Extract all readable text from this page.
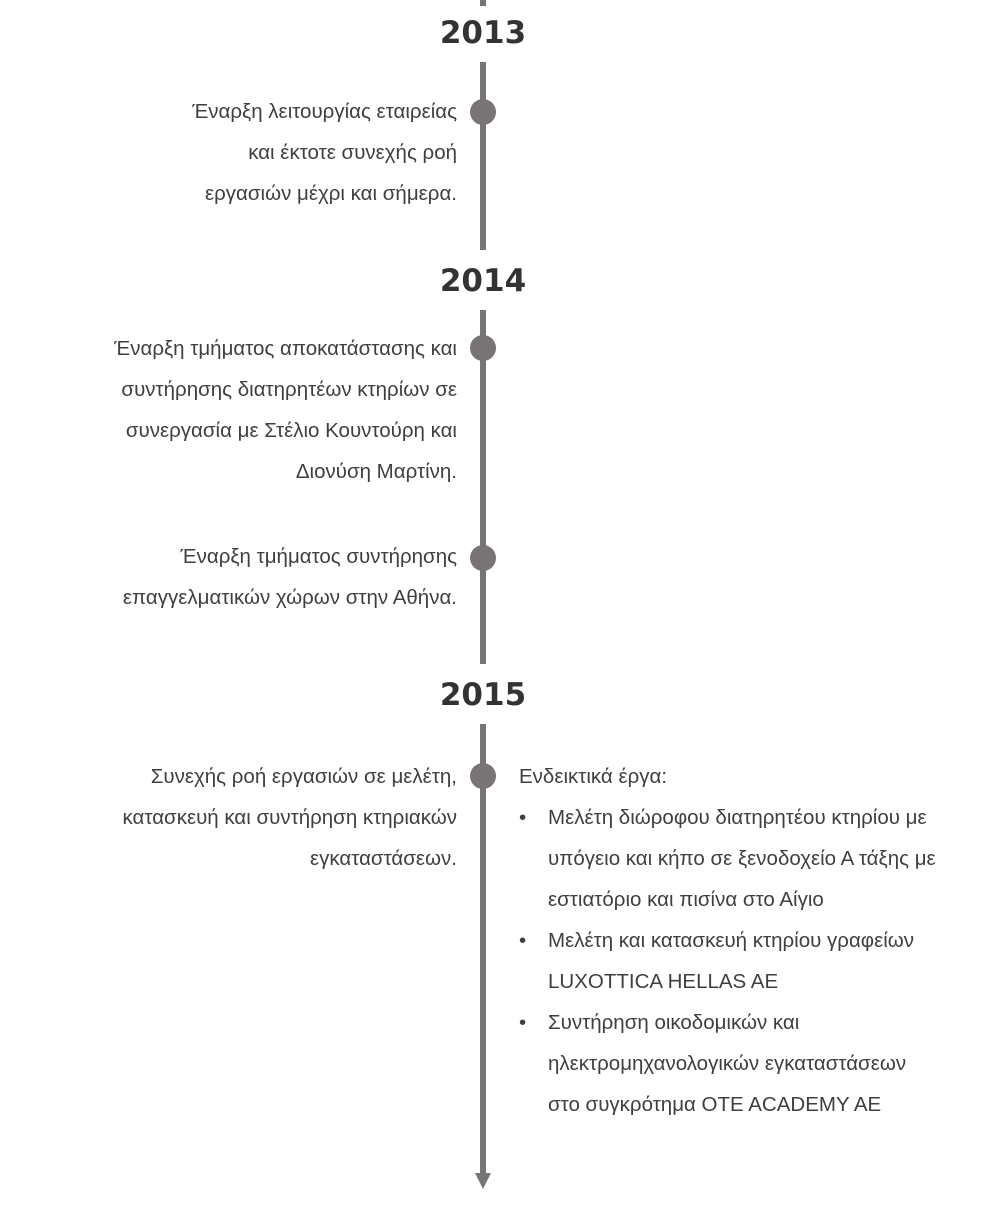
2013
2014
2015
Έναρξη λειτουργίας εταιρείας
και έκτοτε συνεχής ροή
εργασιών μέχρι και σήμερα.
Έναρξη τμήματος αποκατάστασης και
συντήρησης διατηρητέων κτηρίων σε
συνεργασία με Στέλιο Κουντούρη και
Διονύση Μαρτίνη.
Έναρξη τμήματος συντήρησης
επαγγελματικών χώρων στην Αθήνα.
Συνεχής ροή εργασιών σε μελέτη,
κατασκευή και συντήρηση κτηριακών
εγκαταστάσεων.
Ενδεικτικά έργα:
• Μελέτη διώροφου διατηρητέου κτηρίου με
υπόγειο και κήπο σε ξενοδοχείο Α τάξης με
εστιατόριο και πισίνα στο Αίγιο
• Μελέτη και κατασκευή κτηρίου γραφείων
LUXOTTICA HELLAS AE
• Συντήρηση οικοδομικών και
ηλεκτρομηχανολογικών εγκαταστάσεων
στο συγκρότημα OTE ACADEMY AE
